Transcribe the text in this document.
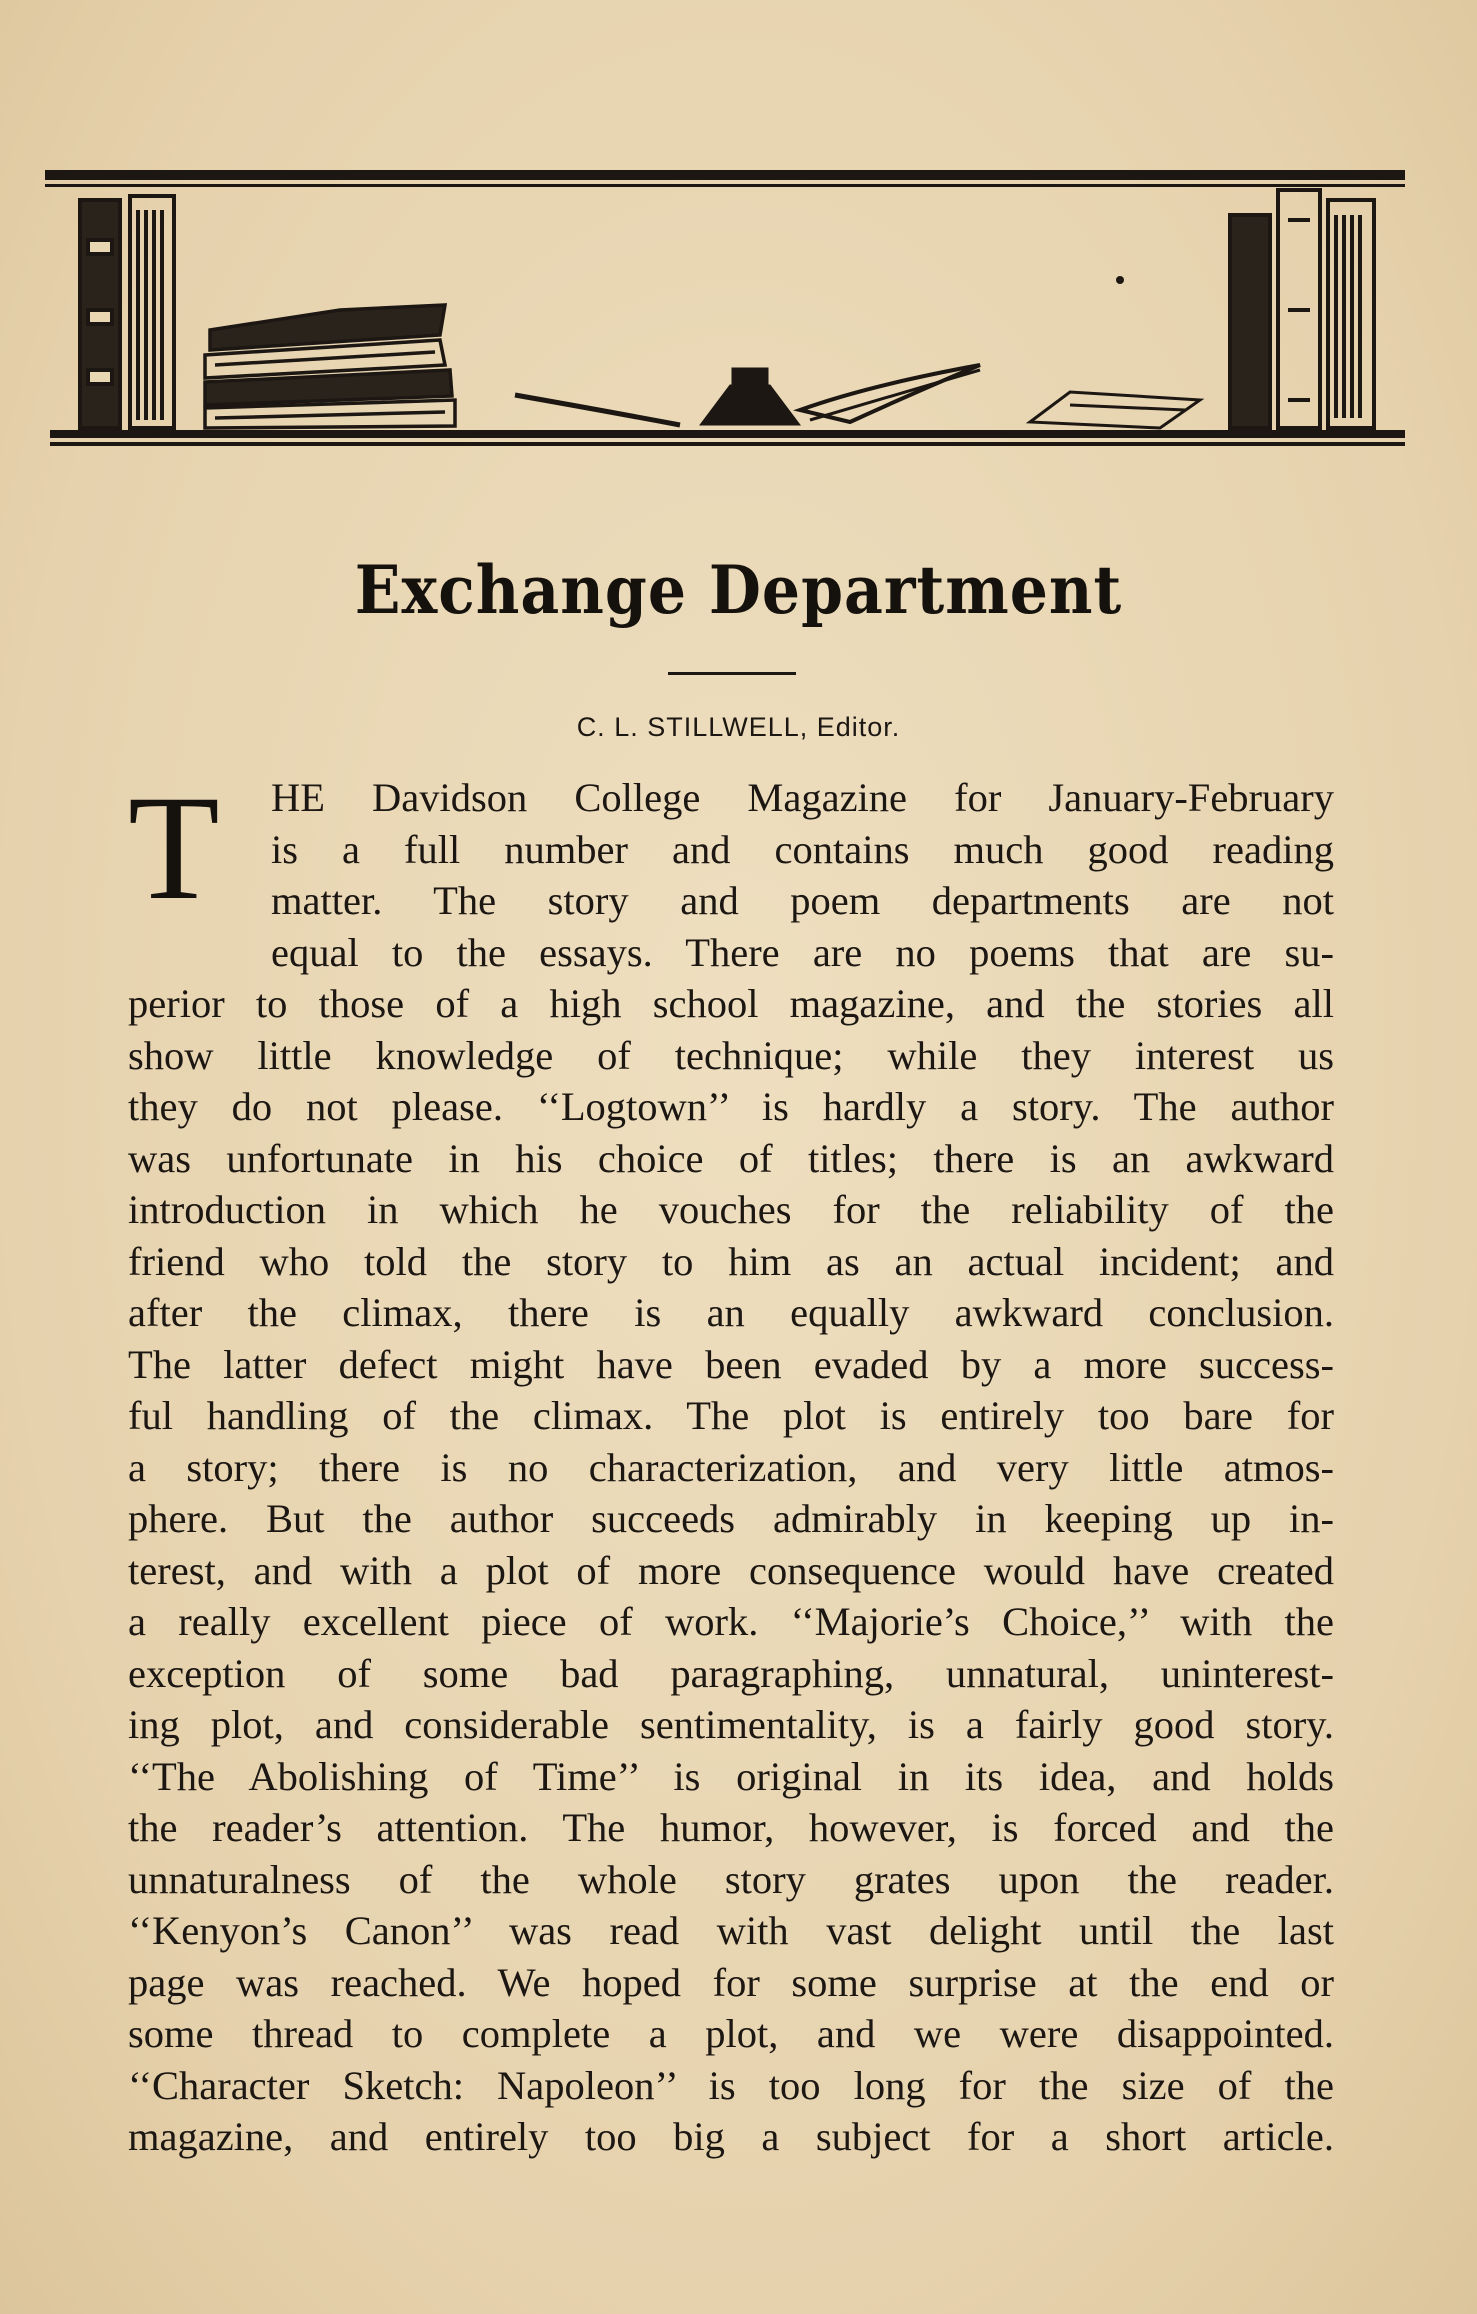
Exchange Department
C. L. STILLWELL, Editor.
T HE Davidson College Magazine for January-February
is a full number and contains much good reading
matter. The story and poem departments are not
equal to the essays. There are no poems that are su-
perior to those of a high school magazine, and the stories all
show little knowledge of technique; while they interest us
they do not please. ‘‘Logtown’’ is hardly a story. The author
was unfortunate in his choice of titles; there is an awkward
introduction in which he vouches for the reliability of the
friend who told the story to him as an actual incident; and
after the climax, there is an equally awkward conclusion.
The latter defect might have been evaded by a more success-
ful handling of the climax. The plot is entirely too bare for
a story; there is no characterization, and very little atmos-
phere. But the author succeeds admirably in keeping up in-
terest, and with a plot of more consequence would have created
a really excellent piece of work. ‘‘Majorie’s Choice,’’ with the
exception of some bad paragraphing, unnatural, uninterest-
ing plot, and considerable sentimentality, is a fairly good story.
‘‘The Abolishing of Time’’ is original in its idea, and holds
the reader’s attention. The humor, however, is forced and the
unnaturalness of the whole story grates upon the reader.
‘‘Kenyon’s Canon’’ was read with vast delight until the last
page was reached. We hoped for some surprise at the end or
some thread to complete a plot, and we were disappointed.
‘‘Character Sketch: Napoleon’’ is too long for the size of the
magazine, and entirely too big a subject for a short article.
